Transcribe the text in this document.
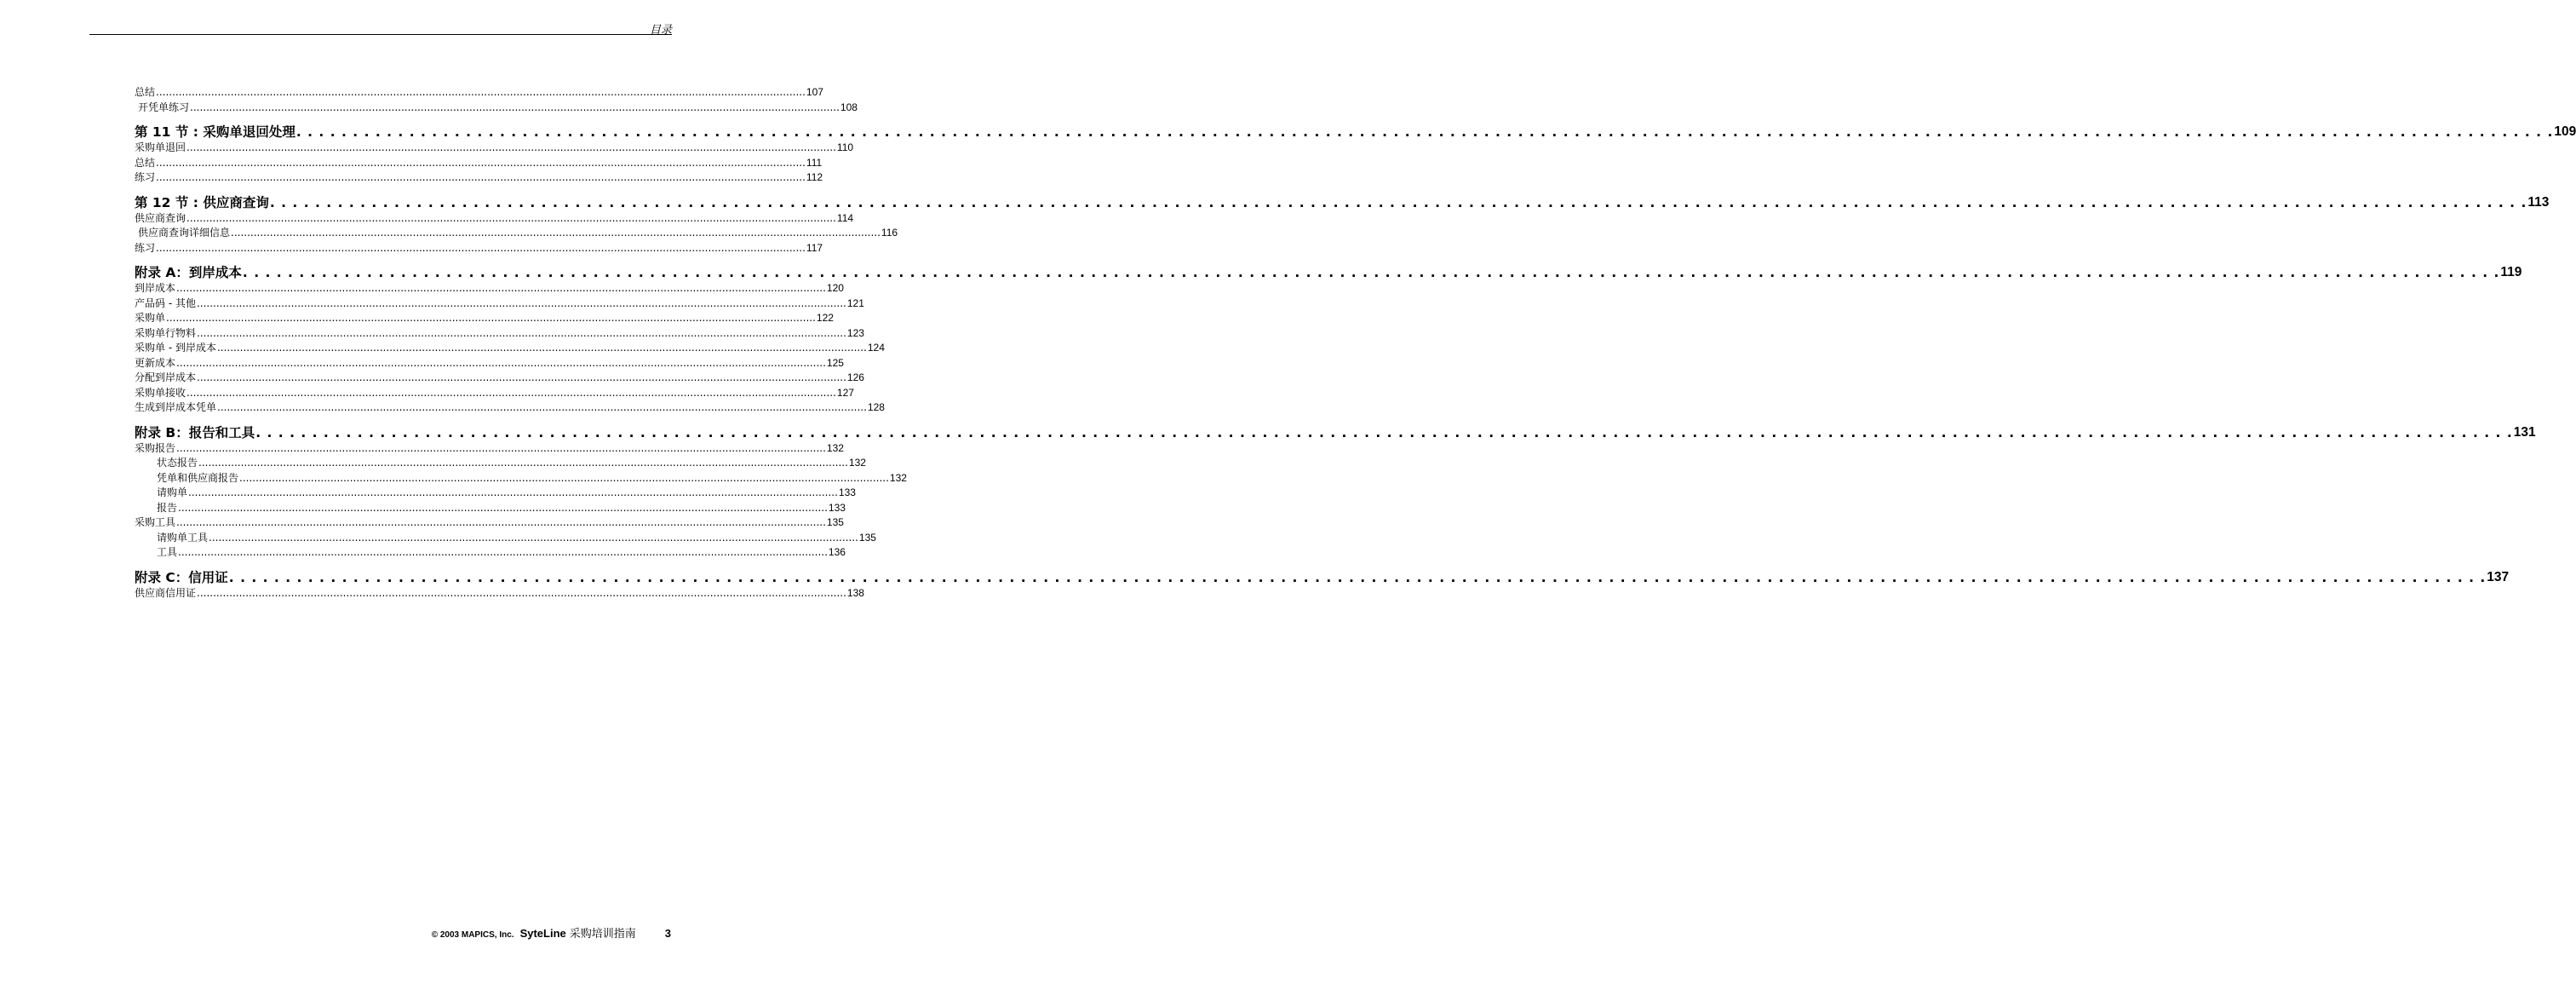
目录
总结 ........................................................................................................................................................................................................ 107
开凭单练习 ........................................................................................................................................................................................................ 108
第 11 节 : 采购单退回处理 . . . . . . . . . . . . . . . . . . . . . . . . . . . . . . . . . . . . . . . . . . . . . . . . . . . . . . . . . . . . . . . . . . . . . . . . . . . . . . . . . . . . . . . . . . . . . . . . . . . . . . . . . . . . . . . . . . . . . . . . . . . . . . . . . . . . . . . . . . . . . . . . . . . . . . . . . . . . . . . . . . . . . . . . . . . . . . . . . . . . . . . . . . . . . . . . . . . . . . . . 109
采购单退回 ........................................................................................................................................................................................................ 110
总结 ........................................................................................................................................................................................................ 111
练习 ........................................................................................................................................................................................................ 112
第 12 节 : 供应商查询 . . . . . . . . . . . . . . . . . . . . . . . . . . . . . . . . . . . . . . . . . . . . . . . . . . . . . . . . . . . . . . . . . . . . . . . . . . . . . . . . . . . . . . . . . . . . . . . . . . . . . . . . . . . . . . . . . . . . . . . . . . . . . . . . . . . . . . . . . . . . . . . . . . . . . . . . . . . . . . . . . . . . . . . . . . . . . . . . . . . . . . . . . . . . . . . . . . . . . . . . 113
供应商查询 ........................................................................................................................................................................................................ 114
供应商查询详细信息 ........................................................................................................................................................................................................ 116
练习 ........................................................................................................................................................................................................ 117
附录 A：到岸成本 . . . . . . . . . . . . . . . . . . . . . . . . . . . . . . . . . . . . . . . . . . . . . . . . . . . . . . . . . . . . . . . . . . . . . . . . . . . . . . . . . . . . . . . . . . . . . . . . . . . . . . . . . . . . . . . . . . . . . . . . . . . . . . . . . . . . . . . . . . . . . . . . . . . . . . . . . . . . . . . . . . . . . . . . . . . . . . . . . . . . . . . . . . . . . . . . . . . . . . . . 119
到岸成本 ........................................................................................................................................................................................................ 120
产品码 - 其他 ........................................................................................................................................................................................................ 121
采购单 ........................................................................................................................................................................................................ 122
采购单行物料 ........................................................................................................................................................................................................ 123
采购单 - 到岸成本 ........................................................................................................................................................................................................ 124
更新成本 ........................................................................................................................................................................................................ 125
分配到岸成本 ........................................................................................................................................................................................................ 126
采购单接收 ........................................................................................................................................................................................................ 127
生成到岸成本凭单 ........................................................................................................................................................................................................ 128
附录 B：报告和工具 . . . . . . . . . . . . . . . . . . . . . . . . . . . . . . . . . . . . . . . . . . . . . . . . . . . . . . . . . . . . . . . . . . . . . . . . . . . . . . . . . . . . . . . . . . . . . . . . . . . . . . . . . . . . . . . . . . . . . . . . . . . . . . . . . . . . . . . . . . . . . . . . . . . . . . . . . . . . . . . . . . . . . . . . . . . . . . . . . . . . . . . . . . . . . . . . . . . . . . . . 131
采购报告 ........................................................................................................................................................................................................ 132
状态报告 ........................................................................................................................................................................................................ 132
凭单和供应商报告 ........................................................................................................................................................................................................ 132
请购单 ........................................................................................................................................................................................................ 133
报告 ........................................................................................................................................................................................................ 133
采购工具 ........................................................................................................................................................................................................ 135
请购单工具 ........................................................................................................................................................................................................ 135
工具 ........................................................................................................................................................................................................ 136
附录 C：信用证 . . . . . . . . . . . . . . . . . . . . . . . . . . . . . . . . . . . . . . . . . . . . . . . . . . . . . . . . . . . . . . . . . . . . . . . . . . . . . . . . . . . . . . . . . . . . . . . . . . . . . . . . . . . . . . . . . . . . . . . . . . . . . . . . . . . . . . . . . . . . . . . . . . . . . . . . . . . . . . . . . . . . . . . . . . . . . . . . . . . . . . . . . . . . . . . . . . . . . . . . 137
供应商信用证 ........................................................................................................................................................................................................ 138
© 2003 MAPICS, Inc. SyteLine 采购培训指南	3
